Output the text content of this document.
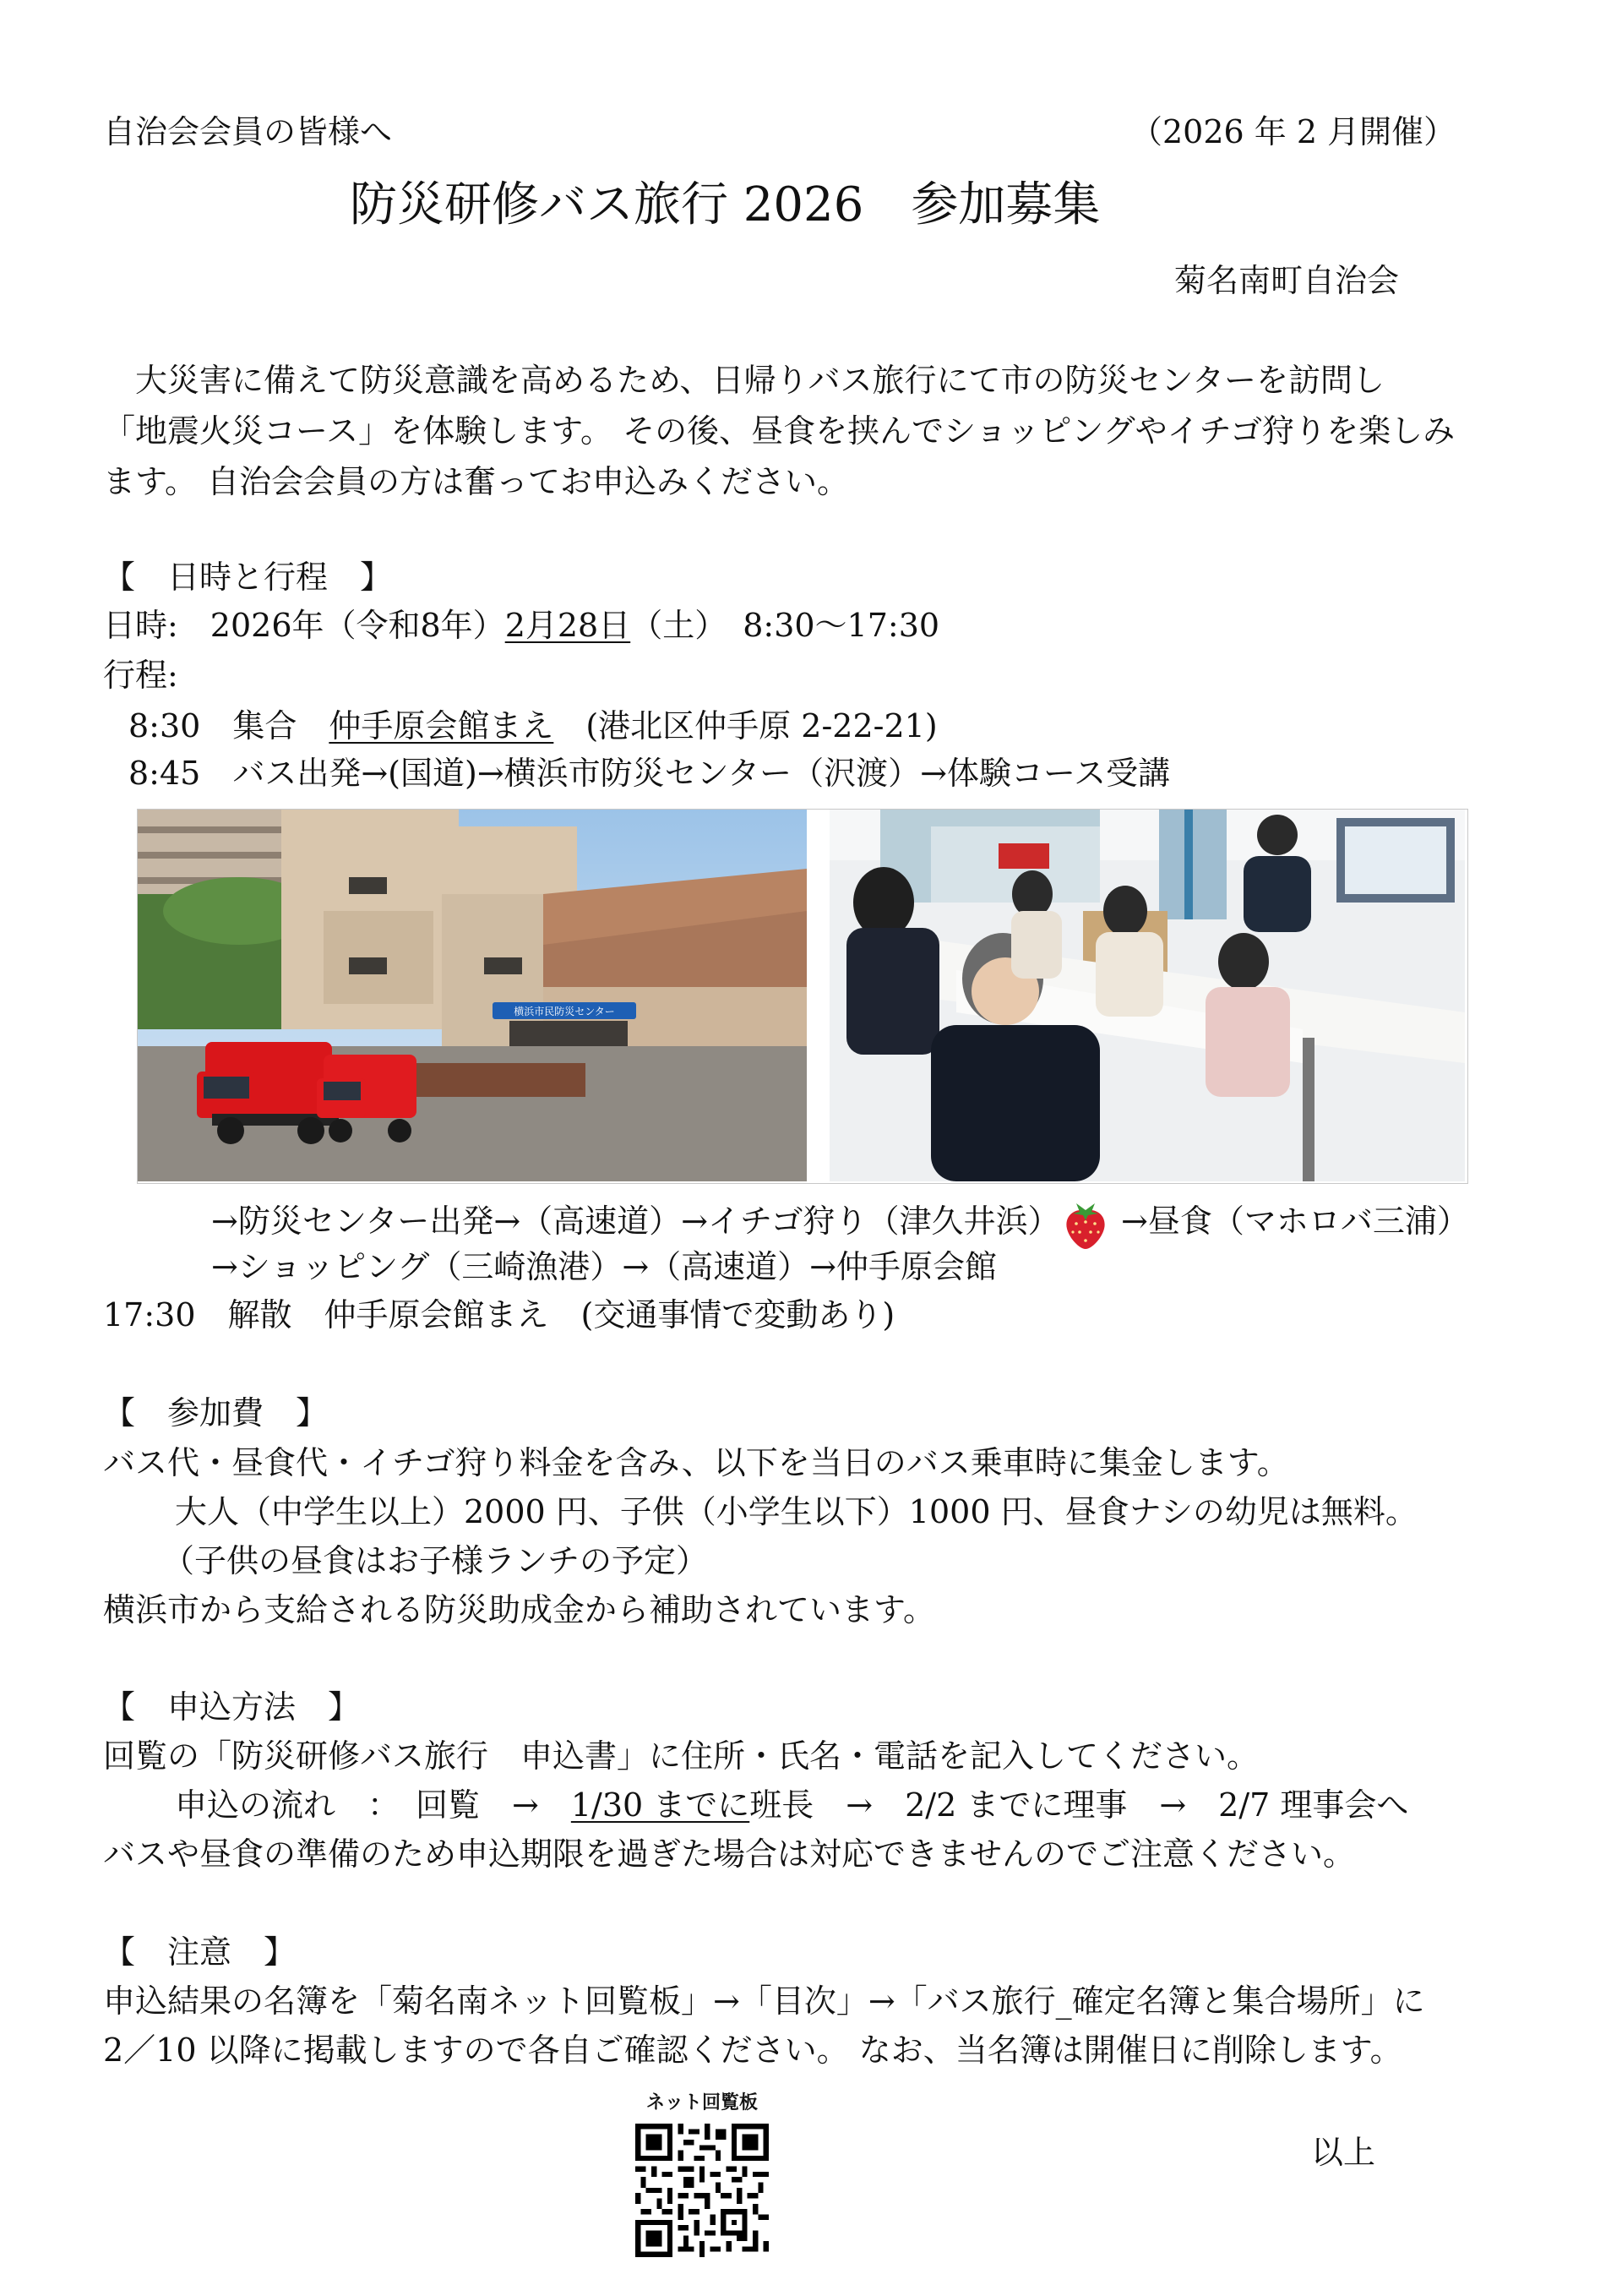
自治会会員の皆様へ	（2026 年 2 月開催）
防災研修バス旅行 2026　参加募集
菊名南町自治会
　大災害に備えて防災意識を高めるため、日帰りバス旅行にて市の防災センターを訪問し
「地震火災コース」を体験します。 その後、昼食を挟んでショッピングやイチゴ狩りを楽しみ
ます。 自治会会員の方は奮ってお申込みください。
【　日時と行程　】
日時:　2026年（令和8年）2月28日（土）　8:30～17:30
行程:
8:30　集合　仲手原会館まえ　(港北区仲手原 2-22-21)
8:45　バス出発→(国道)→横浜市防災センター（沢渡）→体験コース受講
横浜市民防災センター
→防災センター出発→（高速道）→イチゴ狩り（津久井浜） →昼食（マホロバ三浦）
→ショッピング（三崎漁港）→（高速道）→仲手原会館
17:30　解散　仲手原会館まえ　(交通事情で変動あり)
【　参加費　】
バス代・昼食代・イチゴ狩り料金を含み、以下を当日のバス乗車時に集金します。
大人（中学生以上）2000 円、子供（小学生以下）1000 円、昼食ナシの幼児は無料。
（子供の昼食はお子様ランチの予定）
横浜市から支給される防災助成金から補助されています。
【　申込方法　】
回覧の「防災研修バス旅行　申込書」に住所・氏名・電話を記入してください。
申込の流れ　：　回覧　→　1/30 までに班長　→　2/2 までに理事　→　2/7 理事会へ
バスや昼食の準備のため申込期限を過ぎた場合は対応できませんのでご注意ください。
【　注意　】
申込結果の名簿を「菊名南ネット回覧板」→「目次」→「バス旅行_確定名簿と集合場所」に
2／10 以降に掲載しますので各自ご確認ください。 なお、当名簿は開催日に削除します。
ネット回覧板
以上
